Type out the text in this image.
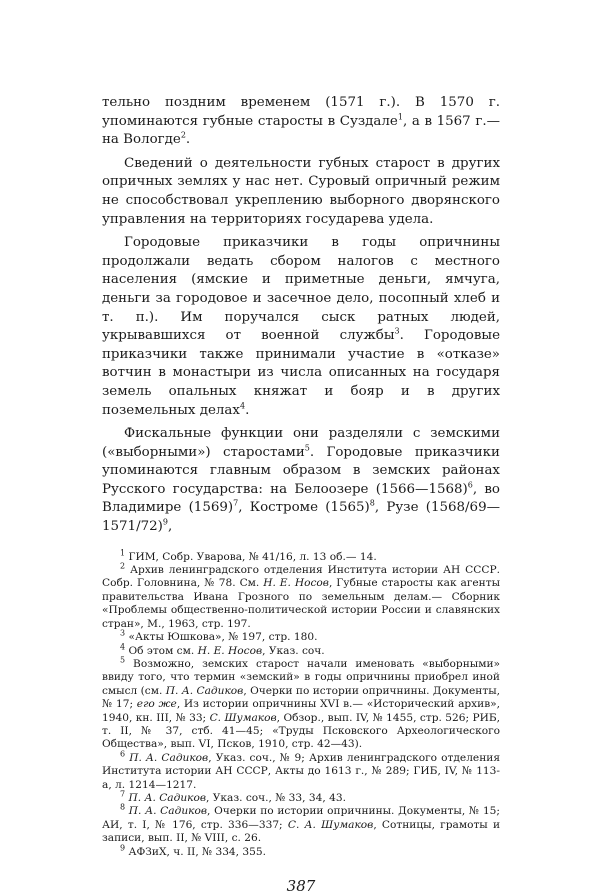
тельно поздним временем (1571 г.). В 1570 г. упоминаются губные старосты в Суздале$^1$, а в 1567 г.— на Вологде$^2$.

Сведений о деятельности губных старост в других опричных землях у нас нет. Суровый опричный режим не способствовал укреплению выборного дворянского управления на территориях государева удела.

Городовые приказчики в годы опричнины продолжали ведать сбором налогов с местного населения (ямские и приметные деньги, ямчуга, деньги за городовое и засечное дело, посопный хлеб и т. п.). Им поручался сыск ратных людей, укрывавшихся от военной службы$^3$. Городовые приказчики также принимали участие в «отказе» вотчин в монастыри из числа описанных на государя земель опальных княжат и бояр и в других поземельных делах$^4$.

Фискальные функции они разделяли с земскими («выборными») старостами$^5$. Городовые приказчики упоминаются главным образом в земских районах Русского государства: на Белоозере (1566—1568)$^6$, во Владимире $(1569)^7$, Костроме $(1565)^8$, Рузе (1568/69—1571/72)$^9$,

$^1$ ГИМ, Собр. Уварова, № 41/16, л. 13 об.— 14.

$^2$ Архив ленинградского отделения Института истории АН СССР. Собр. Головнина, № 78. См. Н. Е. Носов, Губные старосты как агенты правительства Ивана Грозного по земельным делам.— Сборник «Проблемы общественно-политической истории России и славянских стран», М., 1963, стр. 197.

$^3$ «Акты Юшкова», № 197, стр. 180.

$^4$ Об этом см. Н. Е. Носов, Указ. соч.

$^5$ Возможно, земских старост начали именовать «выборными» ввиду того, что термин «земский» в годы опричнины приобрел иной смысл (см. П. А. Садиков, Очерки по истории опричнины. Документы, № 17; его же, Из истории опричнины XVI в.— «Исторический архив», 1940, кн. III, № 33; С. Шумаков, Обзор., вып. IV, № 1455, стр. 526; РИБ, т. II, № 37, стб. 41—45; «Труды Псковского Археологического Общества», вып. VI, Псков, 1910, стр. 42—43).

$^6$ П. А. Садиков, Указ. соч., № 9; Архив ленинградского отделения Института истории АН СССР, Акты до 1613 г., № 289; ГИБ, IV, № 113-а, л. 1214—1217.

$^7$ П. А. Садиков, Указ. соч., № 33, 34, 43.

$^8$ П. А. Садиков, Очерки по истории опричнины. Документы, № 15; АИ, т. I, № 176, стр. 336—337; С. А. Шумаков, Сотницы, грамоты и записи, вып. II, № VIII, с. 26.

$^9$ АФЗиХ, ч. II, № 334, 355.

387
